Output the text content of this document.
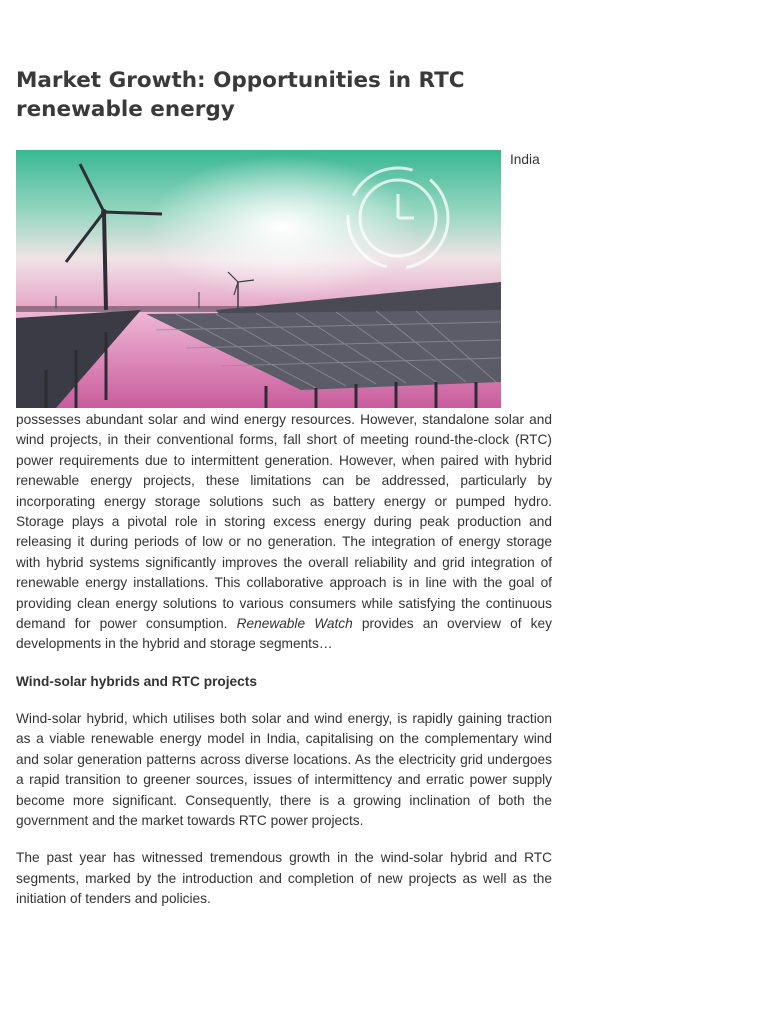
Market Growth: Opportunities in RTC renewable energy

India possesses abundant solar and wind energy resources. However, standalone solar and wind projects, in their conventional forms, fall short of meeting round-the-clock (RTC) power requirements due to intermittent generation. However, when paired with hybrid renewable energy projects, these limitations can be addressed, particularly by incorporating energy storage solutions such as battery energy or pumped hydro. Storage plays a pivotal role in storing excess energy during peak production and releasing it during periods of low or no generation. The integration of energy storage with hybrid systems significantly improves the overall reliability and grid integration of renewable energy installations. This collaborative approach is in line with the goal of providing clean energy solutions to various consumers while satisfying the continuous demand for power consumption. Renewable Watch provides an overview of key developments in the hybrid and storage segments…

Wind-solar hybrids and RTC projects

Wind-solar hybrid, which utilises both solar and wind energy, is rapidly gaining traction as a viable renewable energy model in India, capitalising on the complementary wind and solar generation patterns across diverse locations. As the electricity grid undergoes a rapid transition to greener sources, issues of intermittency and erratic power supply become more significant. Consequently, there is a growing inclination of both the government and the market towards RTC power projects.

The past year has witnessed tremendous growth in the wind-solar hybrid and RTC segments, marked by the introduction and completion of new projects as well as the initiation of tenders and policies.
